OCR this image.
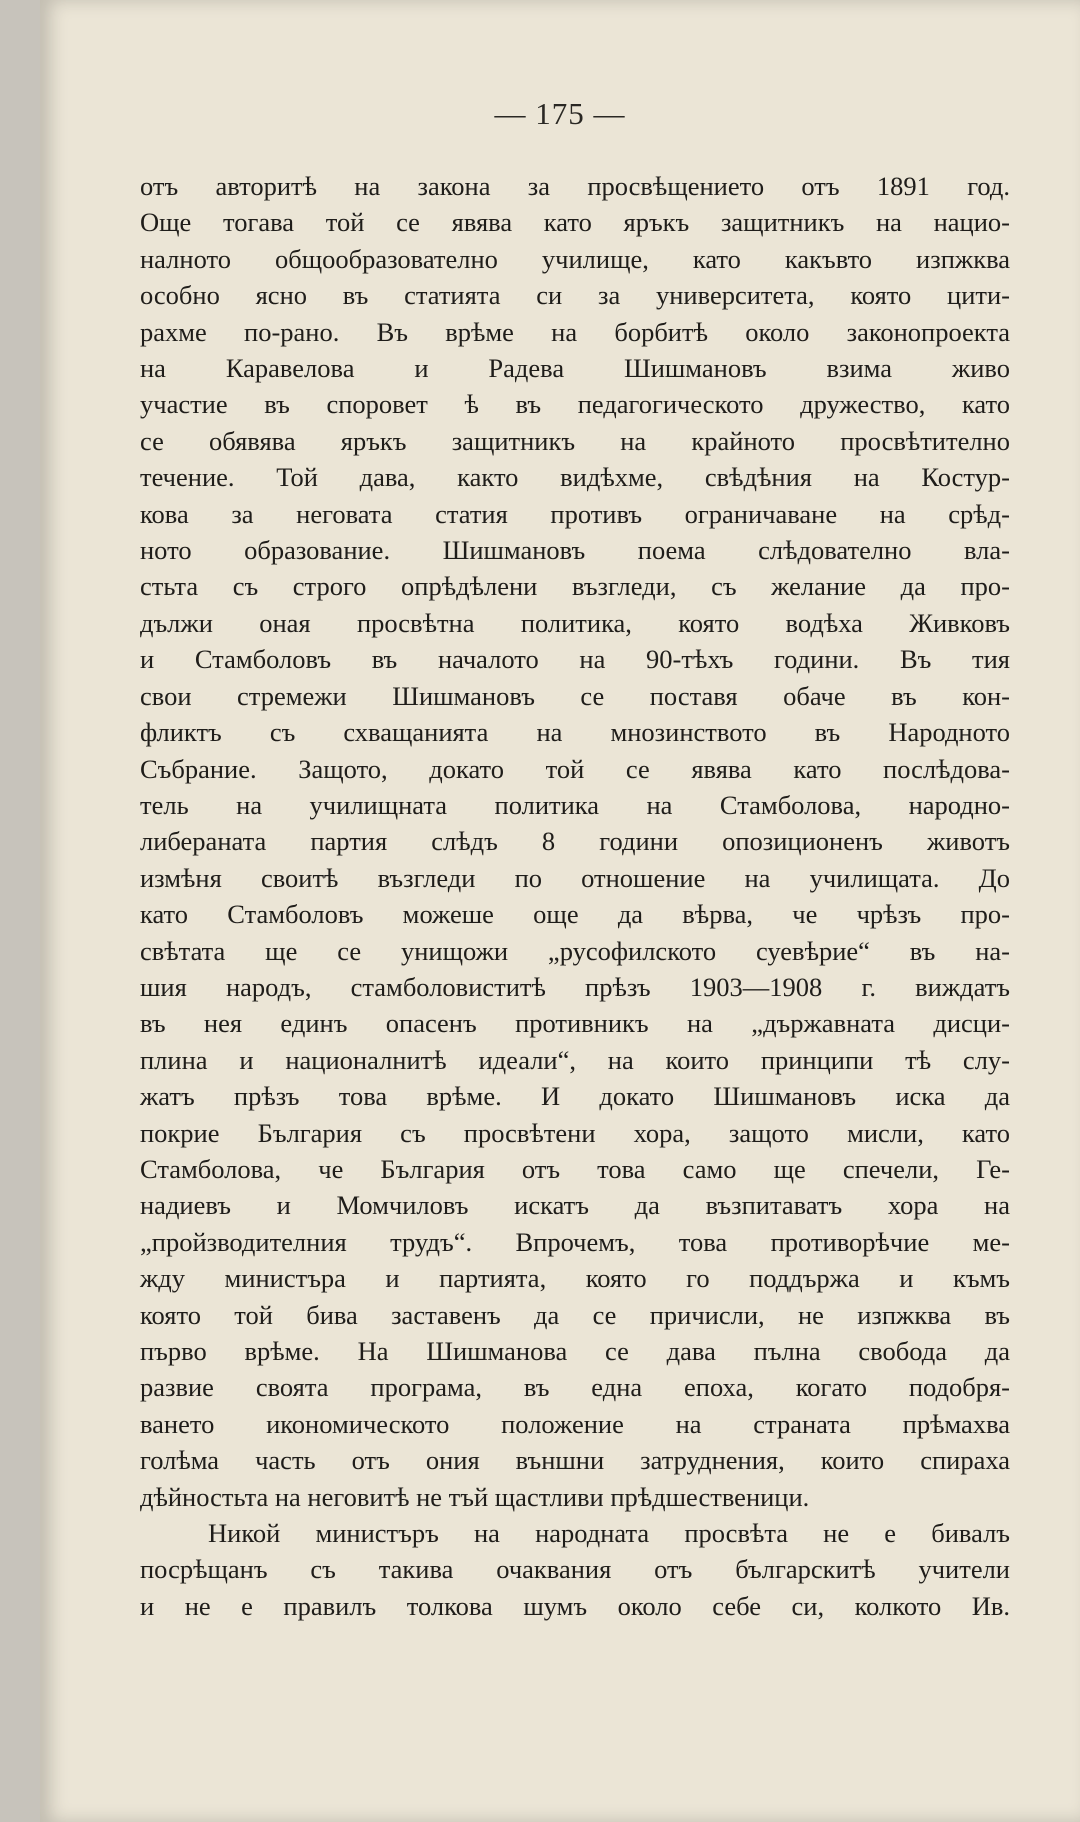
— 175 —
отъ авторитѣ на закона за просвѣщението отъ 1891 год.
Още тогава той се явява като яръкъ защитникъ на нацио-
налното общообразователно училище, като какъвто изпжква
особно ясно въ статията си за университета, която цити-
рахме по-рано. Въ врѣме на борбитѣ около законопроекта
на Каравелова и Радева Шишмановъ взима живо
участие въ споровет ѣ въ педагогическото дружество, като
се обявява яръкъ защитникъ на крайното просвѣтително
течение. Той дава, както видѣхме, свѣдѣния на Костур-
кова за неговата статия противъ ограничаване на срѣд-
ното образование. Шишмановъ поема слѣдователно вла-
стьта съ строго опрѣдѣлени възгледи, съ желание да про-
дължи оная просвѣтна политика, която водѣха Живковъ
и Стамболовъ въ началото на 90-тѣхъ години. Въ тия
свои стремежи Шишмановъ се поставя обаче въ кон-
фликтъ съ схващанията на мнозинството въ Народното
Събрание. Защото, докато той се явява като послѣдова-
тель на училищната политика на Стамболова, народно-
либераната партия слѣдъ 8 години опозиционенъ животъ
измѣня своитѣ възгледи по отношение на училищата. До
като Стамболовъ можеше още да вѣрва, че чрѣзъ про-
свѣтата ще се унищожи „русофилското суевѣрие“ въ на-
шия народъ, стамболовиститѣ прѣзъ 1903—1908 г. виждатъ
въ нея единъ опасенъ противникъ на „държавната дисци-
плина и националнитѣ идеали“, на които принципи тѣ слу-
жатъ прѣзъ това врѣме. И докато Шишмановъ иска да
покрие България съ просвѣтени хора, защото мисли, като
Стамболова, че България отъ това само ще спечели, Ге-
надиевъ и Момчиловъ искатъ да възпитаватъ хора на
„пройзводителния трудъ“. Впрочемъ, това противорѣчие ме-
жду министъра и партията, която го поддържа и къмъ
която той бива заставенъ да се причисли, не изпжква въ
първо врѣме. На Шишманова се дава пълна свобода да
развие своята програма, въ една епоха, когато подобря-
ването икономическото положение на страната прѣмахва
голѣма часть отъ ония външни затруднения, които спираха
дѣйностьта на неговитѣ не тъй щастливи прѣдшественици.
Никой министъръ на народната просвѣта не е бивалъ
посрѣщанъ съ такива очаквания отъ българскитѣ учители
и не е правилъ толкова шумъ около себе си, колкото Ив.
